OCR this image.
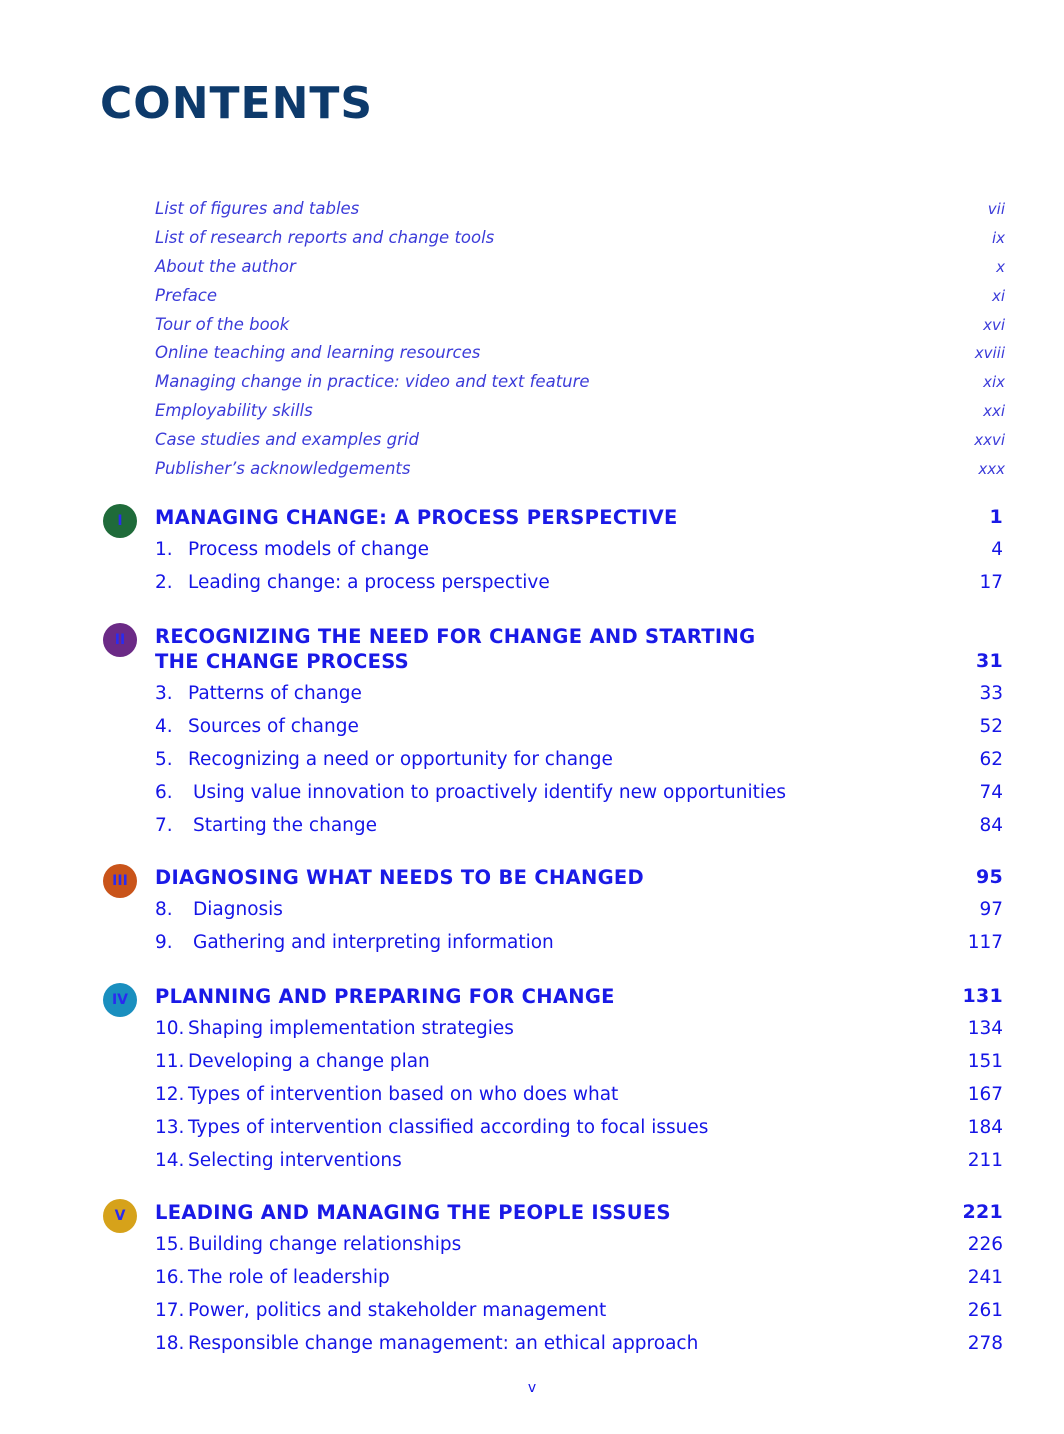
CONTENTS
List of figures and tables	vii
List of research reports and change tools	ix
About the author	x
Preface	xi
Tour of the book	xvi
Online teaching and learning resources	xviii
Managing change in practice: video and text feature	xix
Employability skills	xxi
Case studies and examples grid	xxvi
Publisher’s acknowledgements	xxx
I	MANAGING CHANGE: A PROCESS PERSPECTIVE	1
1. Process models of change	4
2. Leading change: a process perspective	17
II	RECOGNIZING THE NEED FOR CHANGE AND STARTING THE CHANGE PROCESS	31
3. Patterns of change	33
4. Sources of change	52
5. Recognizing a need or opportunity for change	62
6.	Using value innovation to proactively identify new opportunities	74
7.	Starting the change	84
III	DIAGNOSING WHAT NEEDS TO BE CHANGED	95
8.	Diagnosis	97
9.	Gathering and interpreting information	117
IV	PLANNING AND PREPARING FOR CHANGE	131
10. Shaping implementation strategies	134
11. Developing a change plan	151
12. Types of intervention based on who does what	167
13. Types of intervention classified according to focal issues	184
14. Selecting interventions	211
V	LEADING AND MANAGING THE PEOPLE ISSUES	221
15. Building change relationships	226
16. The role of leadership	241
17. Power, politics and stakeholder management	261
18. Responsible change management: an ethical approach	278
v
